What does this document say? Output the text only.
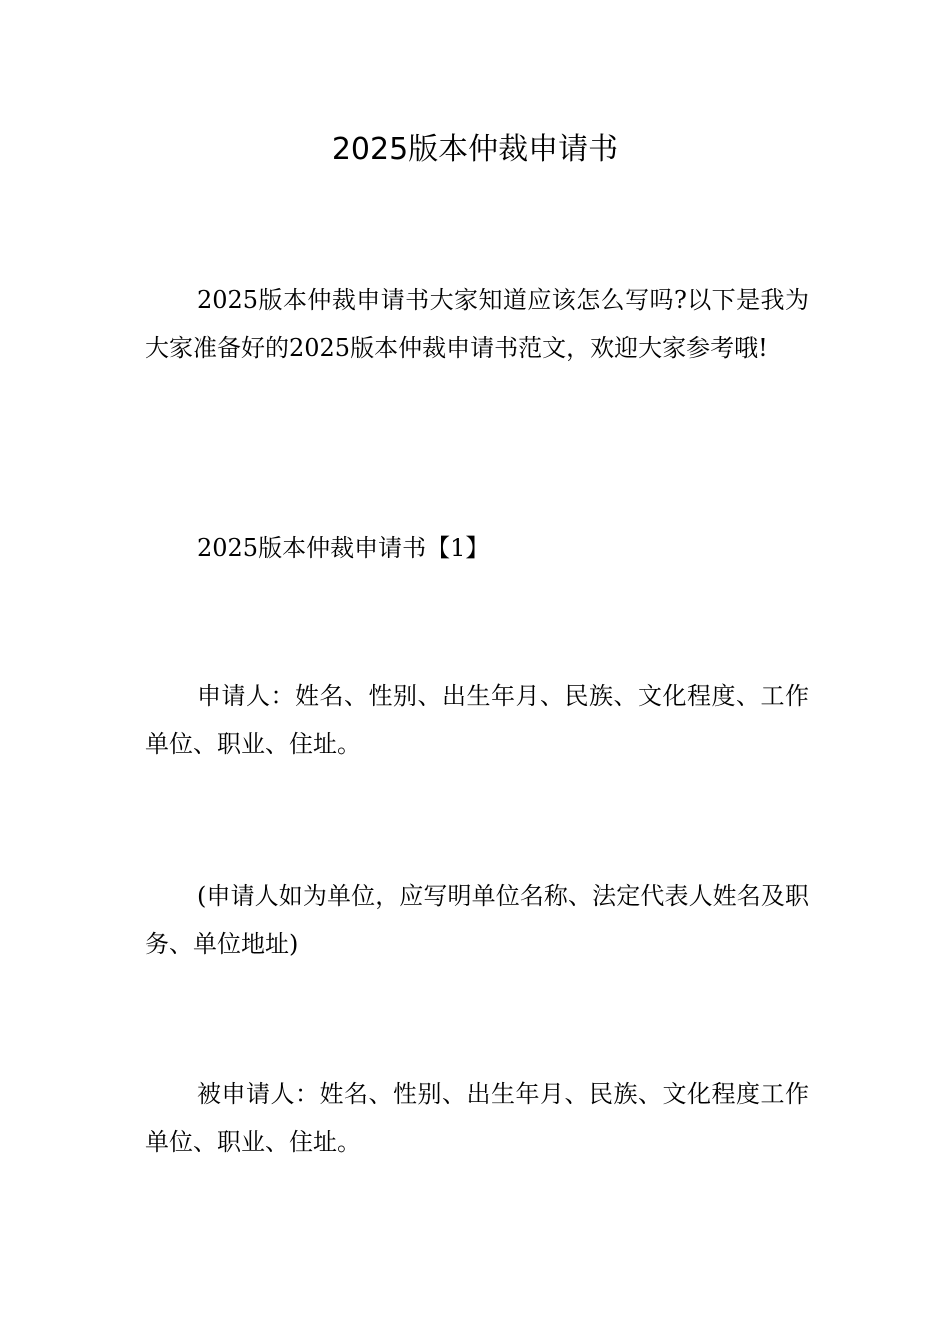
2025版本仲裁申请书

2025版本仲裁申请书大家知道应该怎么写吗?以下是我为大家准备好的2025版本仲裁申请书范文，欢迎大家参考哦!

2025版本仲裁申请书【1】

申请人：姓名、性别、出生年月、民族、文化程度、工作单位、职业、住址。

(申请人如为单位，应写明单位名称、法定代表人姓名及职务、单位地址)

被申请人：姓名、性别、出生年月、民族、文化程度工作单位、职业、住址。
